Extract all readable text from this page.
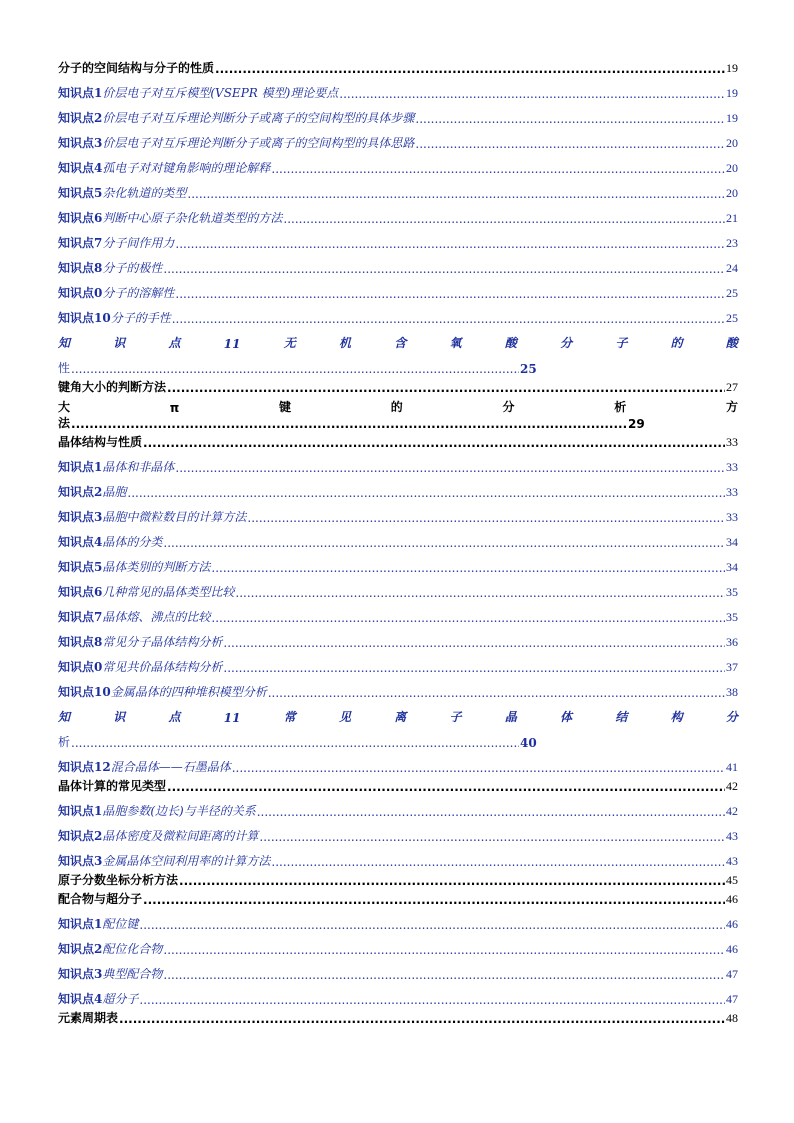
分子的空间结构与分子的性质 .....	19
知识点1 价层电子对互斥模型(VSEPR 模型)理论要点 .....	19
知识点2 价层电子对互斥理论判断分子或离子的空间构型的具体步骤 .....	19
知识点3 价层电子对互斥理论判断分子或离子的空间构型的具体思路 .....	20
知识点4 孤电子对对键角影响的理论解释 .....	20
知识点5 杂化轨道的类型 .....	20
知识点6 判断中心原子杂化轨道类型的方法 .....	21
知识点7 分子间作用力 .....	23
知识点8 分子的极性 .....	24
知识点0 分子的溶解性 .....	25
知识点10 分子的手性 .....	25
知	识	点	11	无	机	含	氧	酸	分	子	的	酸
性 .....	25
键角大小的判断方法 .....	27
大	π	键	的	分	析	方
法 .....	29
晶体结构与性质 .....	33
知识点1 晶体和非晶体 .....	33
知识点2 晶胞 .....	33
知识点3 晶胞中微粒数目的计算方法 .....	33
知识点4 晶体的分类 .....	34
知识点5 晶体类别的判断方法 .....	34
知识点6 几种常见的晶体类型比较 .....	35
知识点7 晶体熔、沸点的比较 .....	35
知识点8 常见分子晶体结构分析 .....	36
知识点0 常见共价晶体结构分析 .....	37
知识点10 金属晶体的四种堆积模型分析 .....	38
知	识	点	11	常	见	离	子	晶	体	结	构	分
析 .....	40
知识点12 混合晶体——石墨晶体 .....	41
晶体计算的常见类型 .....	42
知识点1 晶胞参数(边长)与半径的关系 .....	42
知识点2 晶体密度及微粒间距离的计算 .....	43
知识点3 金属晶体空间利用率的计算方法 .....	43
原子分数坐标分析方法 .....	45
配合物与超分子 .....	46
知识点1 配位键 .....	46
知识点2 配位化合物 .....	46
知识点3 典型配合物 .....	47
知识点4 超分子 .....	47
元素周期表 .....	48
